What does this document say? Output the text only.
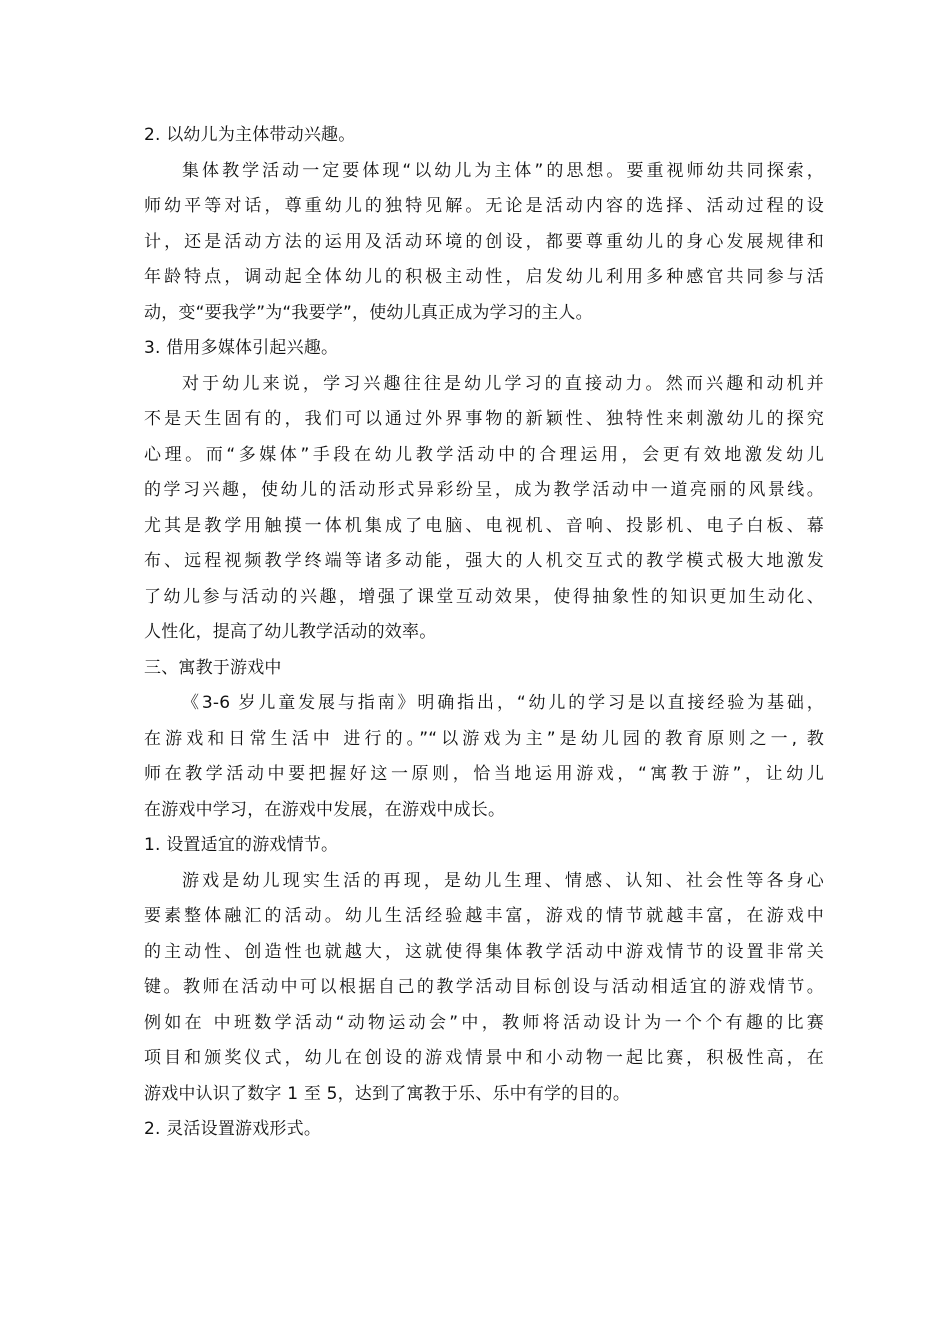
2. 以幼儿为主体带动兴趣。
集体教学活动一定要体现“以幼儿为主体”的思想。要重视师幼共同探索，
师幼平等对话，尊重幼儿的独特见解。无论是活动内容的选择、活动过程的设
计，还是活动方法的运用及活动环境的创设，都要尊重幼儿的身心发展规律和
年龄特点，调动起全体幼儿的积极主动性，启发幼儿利用多种感官共同参与活
动，变“要我学”为“我要学”，使幼儿真正成为学习的主人。
3. 借用多媒体引起兴趣。
对于幼儿来说，学习兴趣往往是幼儿学习的直接动力。然而兴趣和动机并
不是天生固有的，我们可以通过外界事物的新颖性、独特性来刺激幼儿的探究
心理。而“多媒体”手段在幼儿教学活动中的合理运用，会更有效地激发幼儿
的学习兴趣，使幼儿的活动形式异彩纷呈，成为教学活动中一道亮丽的风景线。
尤其是教学用触摸一体机集成了电脑、电视机、音响、投影机、电子白板、幕
布、远程视频教学终端等诸多动能，强大的人机交互式的教学模式极大地激发
了幼儿参与活动的兴趣，增强了课堂互动效果，使得抽象性的知识更加生动化、
人性化，提高了幼儿教学活动的效率。
三、寓教于游戏中
《3-6 岁儿童发展与指南》明确指出，“幼儿的学习是以直接经验为基础，
在游戏和日常生活中 进行的。”“以游戏为主”是幼儿园的教育原则之一, 教
师在教学活动中要把握好这一原则，恰当地运用游戏，“寓教于游”，让幼儿
在游戏中学习，在游戏中发展，在游戏中成长。
1. 设置适宜的游戏情节。
游戏是幼儿现实生活的再现，是幼儿生理、情感、认知、社会性等各身心
要素整体融汇的活动。幼儿生活经验越丰富，游戏的情节就越丰富，在游戏中
的主动性、创造性也就越大，这就使得集体教学活动中游戏情节的设置非常关
键。教师在活动中可以根据自己的教学活动目标创设与活动相适宜的游戏情节。
例如在 中班数学活动“动物运动会”中，教师将活动设计为一个个有趣的比赛
项目和颁奖仪式，幼儿在创设的游戏情景中和小动物一起比赛，积极性高，在
游戏中认识了数字 1 至 5，达到了寓教于乐、乐中有学的目的。
2. 灵活设置游戏形式。
